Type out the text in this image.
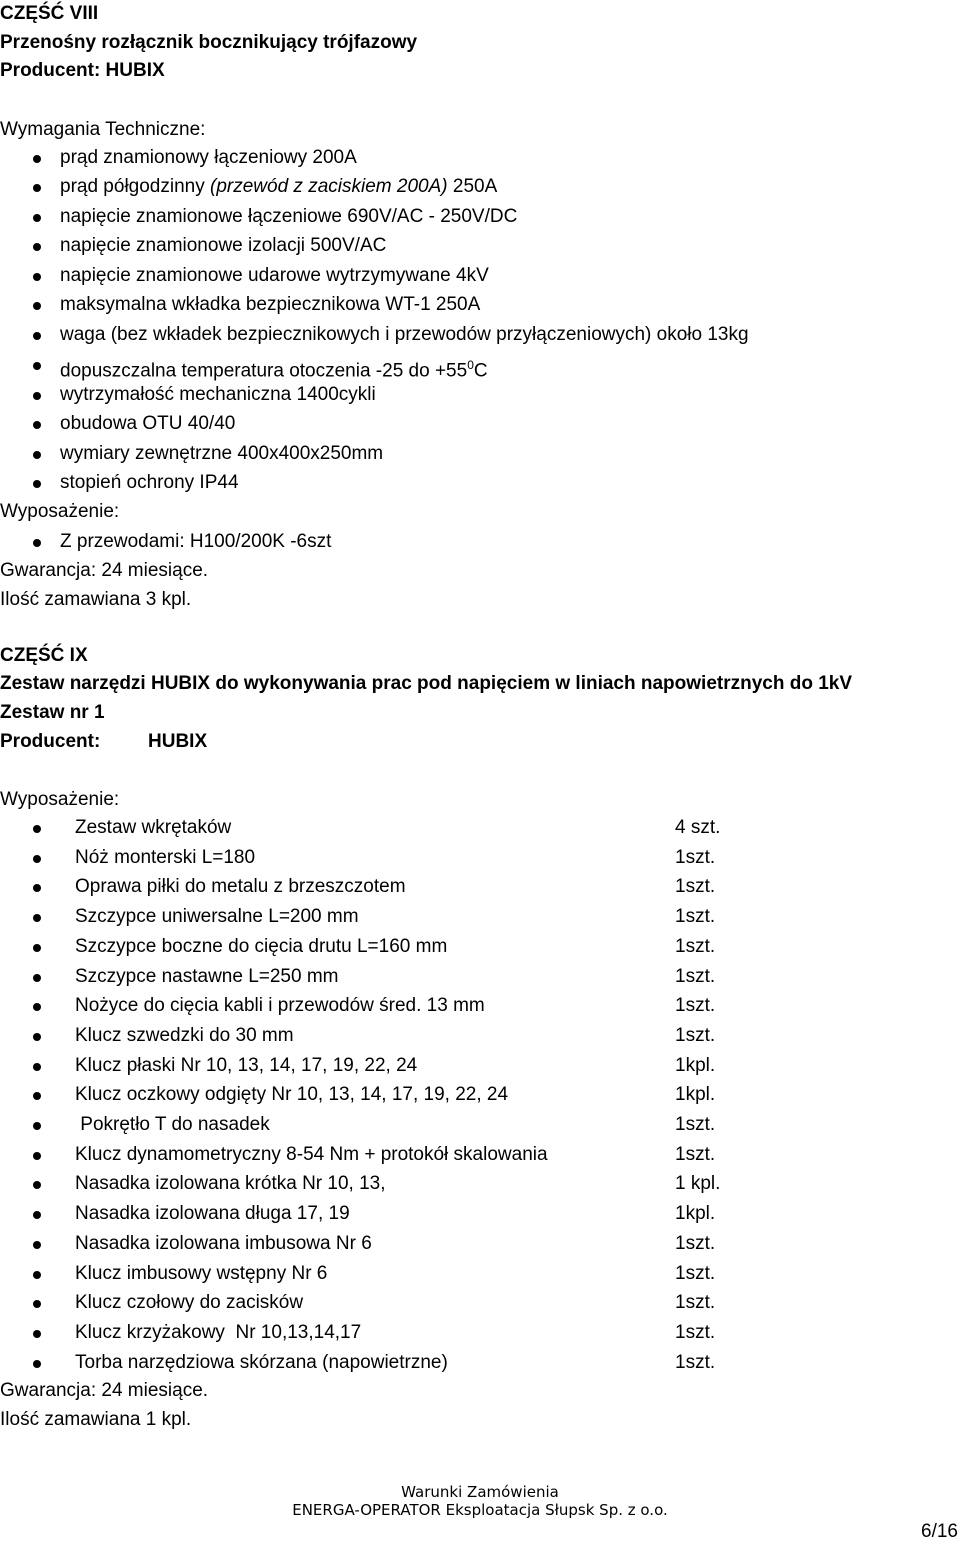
CZĘŚĆ VIII
Przenośny rozłącznik bocznikujący trójfazowy
Producent: HUBIX
Wymagania Techniczne:
prąd znamionowy łączeniowy 200A
prąd półgodzinny (przewód z zaciskiem 200A) 250A
napięcie znamionowe łączeniowe 690V/AC - 250V/DC
napięcie znamionowe izolacji 500V/AC
napięcie znamionowe udarowe wytrzymywane 4kV
maksymalna wkładka bezpiecznikowa WT-1 250A
waga (bez wkładek bezpiecznikowych i przewodów przyłączeniowych) około 13kg
dopuszczalna temperatura otoczenia -25 do $+55^0C$
wytrzymałość mechaniczna 1400cykli
obudowa OTU 40/40
wymiary zewnętrzne 400x400x250mm
stopień ochrony IP44
Wyposażenie:
Z przewodami: H100/200K -6szt
Gwarancja: 24 miesiące.
Ilość zamawiana 3 kpl.
CZĘŚĆ IX
Zestaw narzędzi HUBIX do wykonywania prac pod napięciem w liniach napowietrznych do 1kV
Zestaw nr 1
Producent:	HUBIX
Wyposażenie:
Zestaw wkrętaków	4 szt.
Nóż monterski L=180	1szt.
Oprawa piłki do metalu z brzeszczotem	1szt.
Szczypce uniwersalne L=200 mm	1szt.
Szczypce boczne do cięcia drutu L=160 mm	1szt.
Szczypce nastawne L=250 mm	1szt.
Nożyce do cięcia kabli i przewodów śred. 13 mm	1szt.
Klucz szwedzki do 30 mm	1szt.
Klucz płaski Nr 10, 13, 14, 17, 19, 22, 24	1kpl.
Klucz oczkowy odgięty Nr 10, 13, 14, 17, 19, 22, 24	1kpl.
Pokrętło T do nasadek	1szt.
Klucz dynamometryczny 8-54 Nm + protokół skalowania	1szt.
Nasadka izolowana krótka Nr 10, 13,	1 kpl.
Nasadka izolowana długa 17, 19	1kpl.
Nasadka izolowana imbusowa Nr 6	1szt.
Klucz imbusowy wstępny Nr 6	1szt.
Klucz czołowy do zacisków	1szt.
Klucz krzyżakowy  Nr 10,13,14,17	1szt.
Torba narzędziowa skórzana (napowietrzne)	1szt.
Gwarancja: 24 miesiące.
Ilość zamawiana 1 kpl.
Warunki Zamówienia
ENERGA-OPERATOR Eksploatacja Słupsk Sp. z o.o.
6/16
